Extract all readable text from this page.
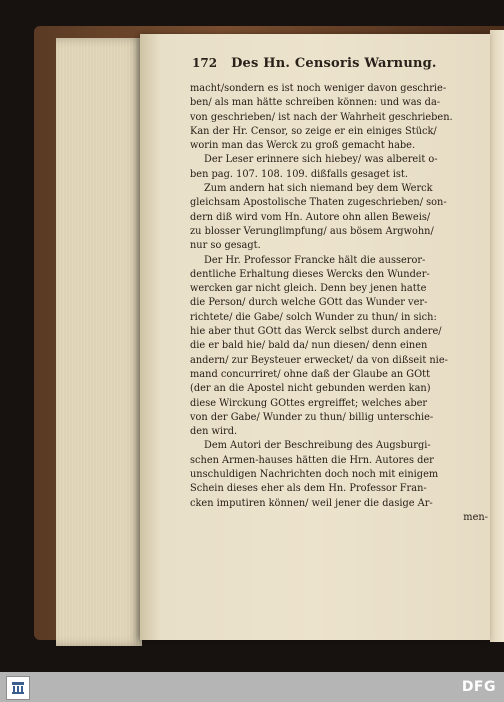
172 Des Hn. Censoris Warnung.
macht/sondern es ist noch weniger davon geschrie-
ben/ als man hätte schreiben können: und was da-
von geschrieben/ ist nach der Wahrheit geschrieben.
Kan der Hr. Censor, so zeige er ein einiges Stück/
worin man das Werck zu groß gemacht habe.
Der Leser erinnere sich hiebey/ was albereit o-
ben pag. 107. 108. 109. dißfalls gesaget ist.
Zum andern hat sich niemand bey dem Werck
gleichsam Apostolische Thaten zugeschrieben/ son-
dern diß wird vom Hn. Autore ohn allen Beweis/
zu blosser Verunglimpfung/ aus bösem Argwohn/
nur so gesagt.
Der Hr. Professor Francke hält die ausseror-
dentliche Erhaltung dieses Wercks den Wunder-
wercken gar nicht gleich. Denn bey jenen hatte
die Person/ durch welche GOtt das Wunder ver-
richtete/ die Gabe/ solch Wunder zu thun/ in sich:
hie aber thut GOtt das Werck selbst durch andere/
die er bald hie/ bald da/ nun diesen/ denn einen
andern/ zur Beysteuer erwecket/ da von dißseit nie-
mand concurriret/ ohne daß der Glaube an GOtt
(der an die Apostel nicht gebunden werden kan)
diese Wirckung GOttes ergreiffet; welches aber
von der Gabe/ Wunder zu thun/ billig unterschie-
den wird.
Dem Autori der Beschreibung des Augsburgi-
schen Armen-hauses hätten die Hrn. Autores der
unschuldigen Nachrichten doch noch mit einigem
Schein dieses eher als dem Hn. Professor Fran-
cken imputiren können/ weil jener die dasige Ar-
men-
DFG
